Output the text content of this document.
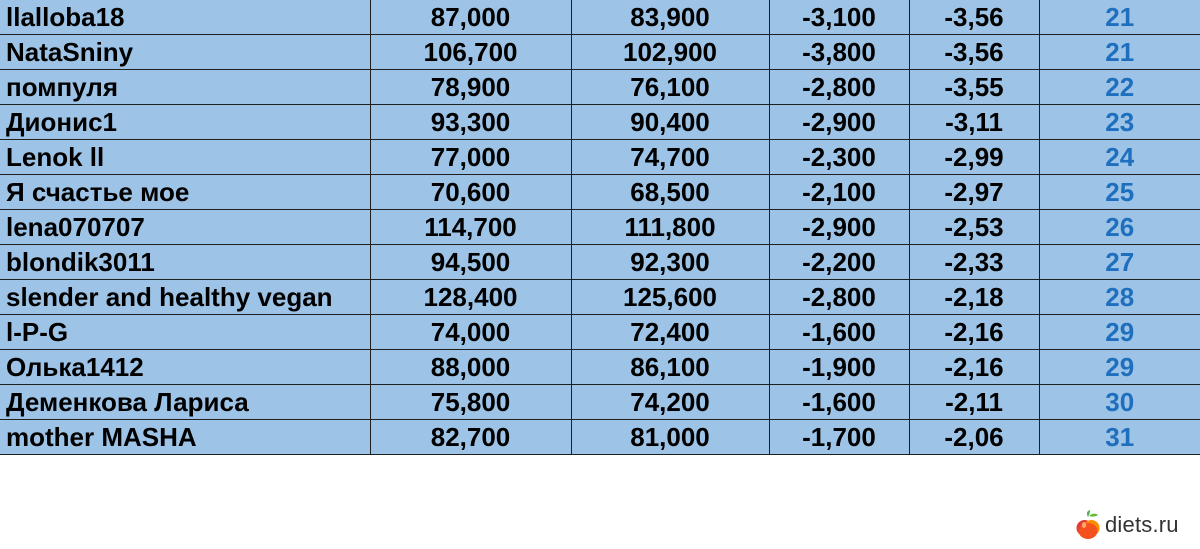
llalloba18	87,000	83,900	-3,100	-3,56	21
NataSniny	106,700	102,900	-3,800	-3,56	21
помпуля	78,900	76,100	-2,800	-3,55	22
Дионис1	93,300	90,400	-2,900	-3,11	23
Lenok ll	77,000	74,700	-2,300	-2,99	24
Я счастье мое	70,600	68,500	-2,100	-2,97	25
lena070707	114,700	111,800	-2,900	-2,53	26
blondik3011	94,500	92,300	-2,200	-2,33	27
slender and healthy vegan	128,400	125,600	-2,800	-2,18	28
l-P-G	74,000	72,400	-1,600	-2,16	29
Олька1412	88,000	86,100	-1,900	-2,16	29
Деменкова Лариса	75,800	74,200	-1,600	-2,11	30
mother MASHA	82,700	81,000	-1,700	-2,06	31
diets.ru
